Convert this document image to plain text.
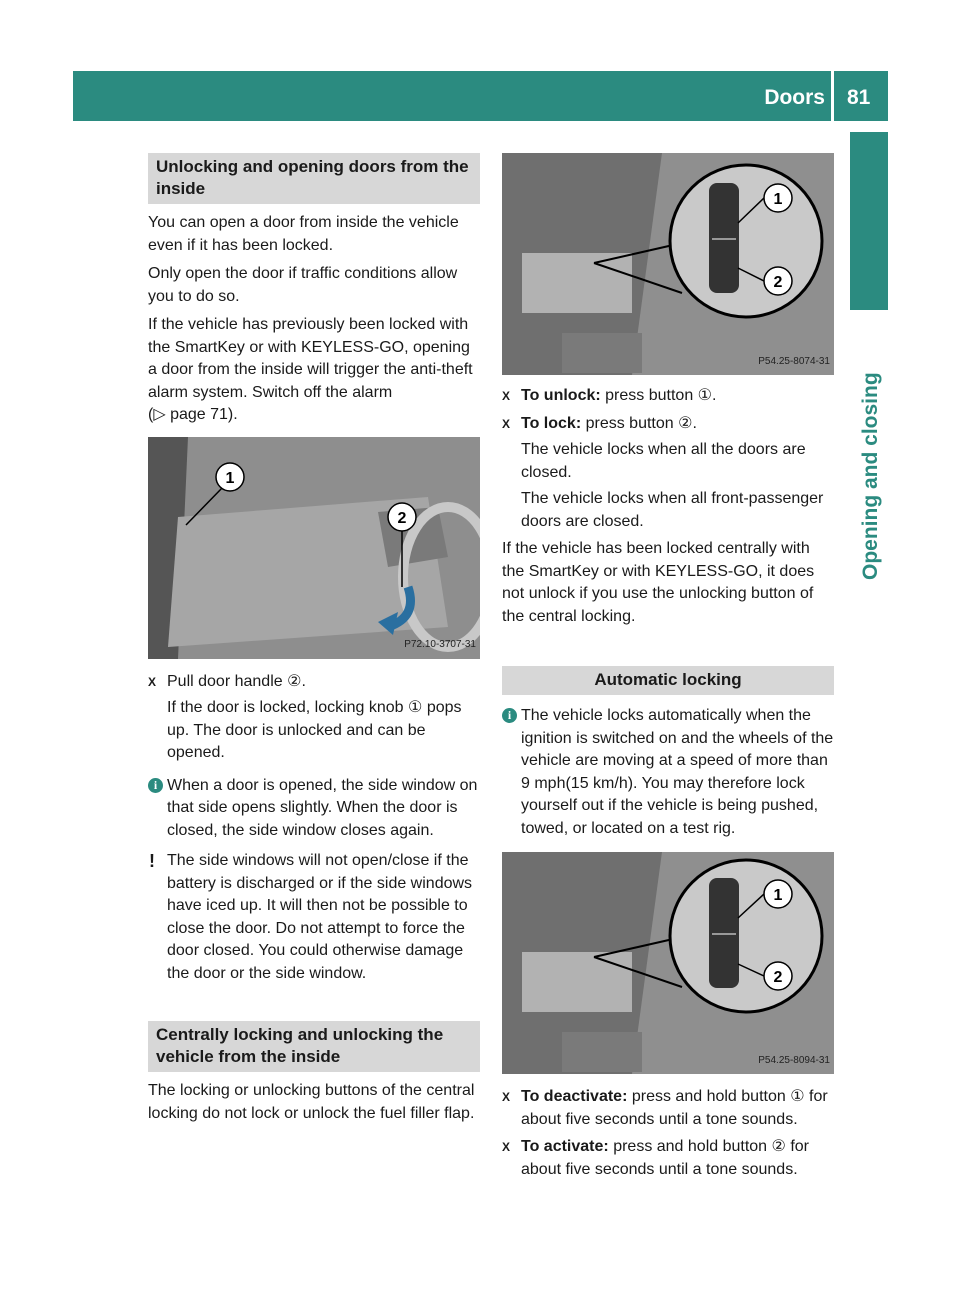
Doors 81
Opening and closing
Unlocking and opening doors from the inside

You can open a door from inside the vehicle even if it has been locked.

Only open the door if traffic conditions allow you to do so.

If the vehicle has previously been locked with the SmartKey or with KEYLESS-GO, opening a door from the inside will trigger the anti-theft alarm system. Switch off the alarm
(▷ page 71).

1
2
P72.10-3707-31
X Pull door handle ②.

If the door is locked, locking knob ① pops up. The door is unlocked and can be opened.

i When a door is opened, the side window on that side opens slightly. When the door is closed, the side window closes again.
! The side windows will not open/close if the battery is discharged or if the side windows have iced up. It will then not be possible to close the door. Do not attempt to force the door closed. You could otherwise damage the door or the side window.
Centrally locking and unlocking the vehicle from the inside

The locking or unlocking buttons of the central locking do not lock or unlock the fuel filler flap.

1
2
P54.25-8074-31
X To unlock: press button ①.

X To lock: press button ②.

The vehicle locks when all the doors are closed.

The vehicle locks when all front-passenger doors are closed.

If the vehicle has been locked centrally with the SmartKey or with KEYLESS-GO, it does not unlock if you use the unlocking button of the central locking.

Automatic locking
i The vehicle locks automatically when the ignition is switched on and the wheels of the vehicle are moving at a speed of more than 9 mph(15 km/h). You may therefore lock yourself out if the vehicle is being pushed, towed, or located on a test rig.
1
2
P54.25-8094-31
X To deactivate: press and hold button ① for about five seconds until a tone sounds.

X To activate: press and hold button ② for about five seconds until a tone sounds.
